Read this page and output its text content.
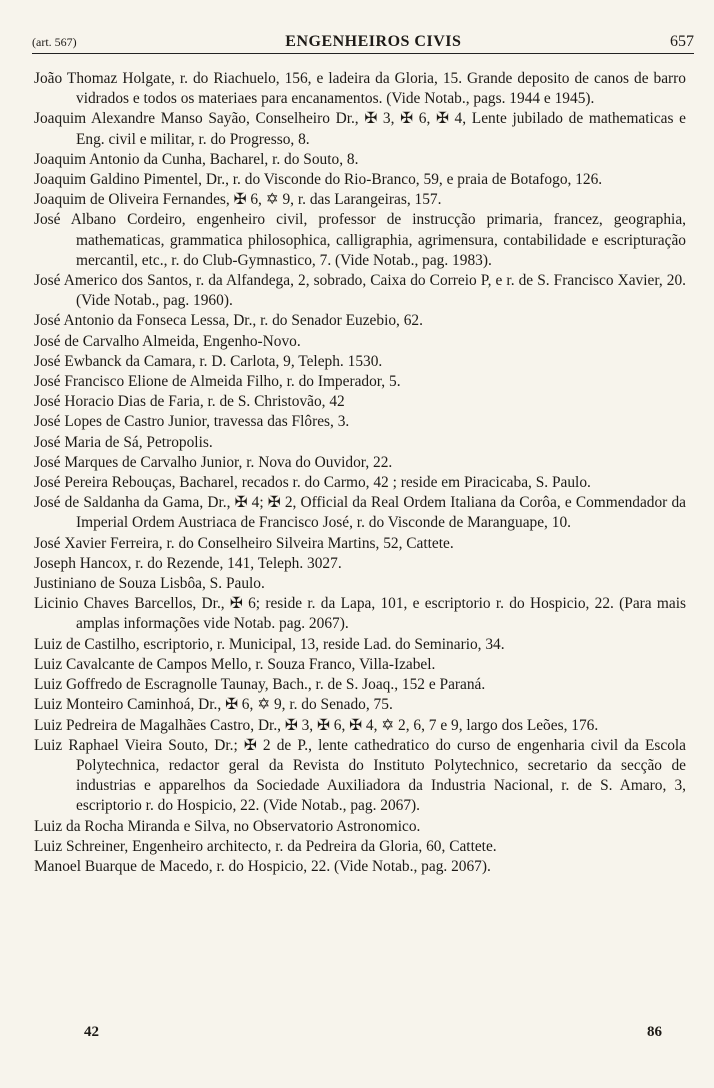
(art. 567)	ENGENHEIROS CIVIS	657

João Thomaz Holgate, r. do Riachuelo, 156, e ladeira da Gloria, 15. Grande deposito de canos de barro vidrados e todos os materiaes para encanamentos. (Vide Notab., pags. 1944 e 1945).

Joaquim Alexandre Manso Sayão, Conselheiro Dr., ✠ 3, ✠ 6, ✠ 4, Lente jubilado de mathematicas e Eng. civil e militar, r. do Progresso, 8.

Joaquim Antonio da Cunha, Bacharel, r. do Souto, 8.

Joaquim Galdino Pimentel, Dr., r. do Visconde do Rio-Branco, 59, e praia de Botafogo, 126.

Joaquim de Oliveira Fernandes, ✠ 6, ✡ 9, r. das Larangeiras, 157.

José Albano Cordeiro, engenheiro civil, professor de instrucção primaria, francez, geographia, mathematicas, grammatica philosophica, calligraphia, agrimensura, contabilidade e escripturação mercantil, etc., r. do Club-Gymnastico, 7. (Vide Notab., pag. 1983).

José Americo dos Santos, r. da Alfandega, 2, sobrado, Caixa do Correio P, e r. de S. Francisco Xavier, 20. (Vide Notab., pag. 1960).

José Antonio da Fonseca Lessa, Dr., r. do Senador Euzebio, 62.

José de Carvalho Almeida, Engenho-Novo.

José Ewbanck da Camara, r. D. Carlota, 9, Teleph. 1530.

José Francisco Elione de Almeida Filho, r. do Imperador, 5.

José Horacio Dias de Faria, r. de S. Christovão, 42

José Lopes de Castro Junior, travessa das Flôres, 3.

José Maria de Sá, Petropolis.

José Marques de Carvalho Junior, r. Nova do Ouvidor, 22.

José Pereira Rebouças, Bacharel, recados r. do Carmo, 42 ; reside em Piracicaba, S. Paulo.

José de Saldanha da Gama, Dr., ✠ 4; ✠ 2, Official da Real Ordem Italiana da Corôa, e Commendador da Imperial Ordem Austriaca de Francisco José, r. do Visconde de Maranguape, 10.

José Xavier Ferreira, r. do Conselheiro Silveira Martins, 52, Cattete.

Joseph Hancox, r. do Rezende, 141, Teleph. 3027.

Justiniano de Souza Lisbôa, S. Paulo.

Licinio Chaves Barcellos, Dr., ✠ 6; reside r. da Lapa, 101, e escriptorio r. do Hospicio, 22. (Para mais amplas informações vide Notab. pag. 2067).

Luiz de Castilho, escriptorio, r. Municipal, 13, reside Lad. do Seminario, 34.

Luiz Cavalcante de Campos Mello, r. Souza Franco, Villa-Izabel.

Luiz Goffredo de Escragnolle Taunay, Bach., r. de S. Joaq., 152 e Paraná.

Luiz Monteiro Caminhoá, Dr., ✠ 6, ✡ 9, r. do Senado, 75.

Luiz Pedreira de Magalhães Castro, Dr., ✠ 3, ✠ 6, ✠ 4, ✡ 2, 6, 7 e 9, largo dos Leões, 176.

Luiz Raphael Vieira Souto, Dr.; ✠ 2 de P., lente cathedratico do curso de engenharia civil da Escola Polytechnica, redactor geral da Revista do Instituto Polytechnico, secretario da secção de industrias e apparelhos da Sociedade Auxiliadora da Industria Nacional, r. de S. Amaro, 3, escriptorio r. do Hospicio, 22. (Vide Notab., pag. 2067).

Luiz da Rocha Miranda e Silva, no Observatorio Astronomico.

Luiz Schreiner, Engenheiro architecto, r. da Pedreira da Gloria, 60, Cattete.

Manoel Buarque de Macedo, r. do Hospicio, 22. (Vide Notab., pag. 2067).

42	86
